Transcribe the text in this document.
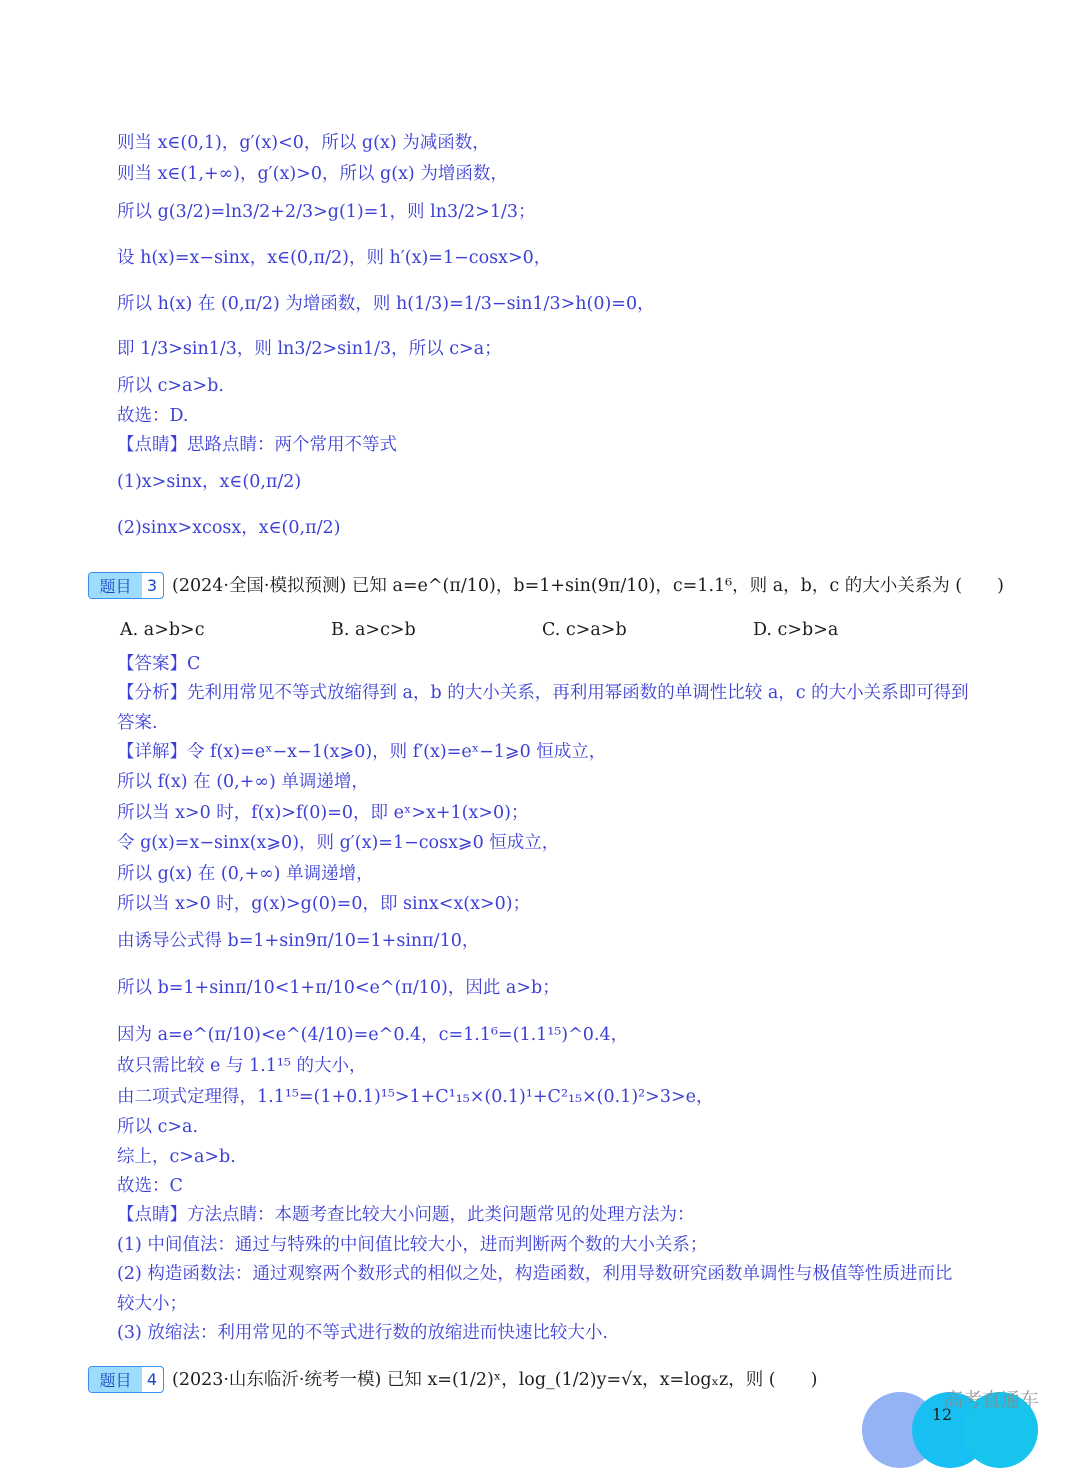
则当 x∈(0,1)，g′(x)<0，所以 g(x) 为减函数，
则当 x∈(1,+∞)，g′(x)>0，所以 g(x) 为增函数，
所以 g(3/2)=ln3/2+2/3>g(1)=1，则 ln3/2>1/3；
设 h(x)=x−sinx，x∈(0,π/2)，则 h′(x)=1−cosx>0，
所以 h(x) 在 (0,π/2) 为增函数，则 h(1/3)=1/3−sin1/3>h(0)=0，
即 1/3>sin1/3，则 ln3/2>sin1/3，所以 c>a；
所以 c>a>b.
故选：D.
【点睛】思路点睛：两个常用不等式
(1)x>sinx，x∈(0,π/2)
(2)sinx>xcosx，x∈(0,π/2)
题目 3 (2024·全国·模拟预测) 已知 a=e^(π/10)，b=1+sin(9π/10)，c=1.1⁶，则 a，b，c 的大小关系为 (　　)
A. a>b>c	B. a>c>b	C. c>a>b	D. c>b>a
【答案】C
【分析】先利用常见不等式放缩得到 a，b 的大小关系，再利用幂函数的单调性比较 a，c 的大小关系即可得到
答案.
【详解】令 f(x)=eˣ−x−1(x⩾0)，则 f′(x)=eˣ−1⩾0 恒成立，
所以 f(x) 在 (0,+∞) 单调递增，
所以当 x>0 时，f(x)>f(0)=0，即 eˣ>x+1(x>0)；
令 g(x)=x−sinx(x⩾0)，则 g′(x)=1−cosx⩾0 恒成立，
所以 g(x) 在 (0,+∞) 单调递增，
所以当 x>0 时，g(x)>g(0)=0，即 sinx<x(x>0)；
由诱导公式得 b=1+sin9π/10=1+sinπ/10，
所以 b=1+sinπ/10<1+π/10<e^(π/10)，因此 a>b；
因为 a=e^(π/10)<e^(4/10)=e^0.4，c=1.1⁶=(1.1¹⁵)^0.4，
故只需比较 e 与 1.1¹⁵ 的大小，
由二项式定理得，1.1¹⁵=(1+0.1)¹⁵>1+C¹₁₅×(0.1)¹+C²₁₅×(0.1)²>3>e，
所以 c>a.
综上，c>a>b.
故选：C
【点睛】方法点睛：本题考查比较大小问题，此类问题常见的处理方法为：
(1) 中间值法：通过与特殊的中间值比较大小，进而判断两个数的大小关系；
(2) 构造函数法：通过观察两个数形式的相似之处，构造函数，利用导数研究函数单调性与极值等性质进而比
较大小；
(3) 放缩法：利用常见的不等式进行数的放缩进而快速比较大小.
题目 4 (2023·山东临沂·统考一模) 已知 x=(1/2)ˣ，log_(1/2)y=√x，x=logₓz，则 (　　)
12
高考直通车
